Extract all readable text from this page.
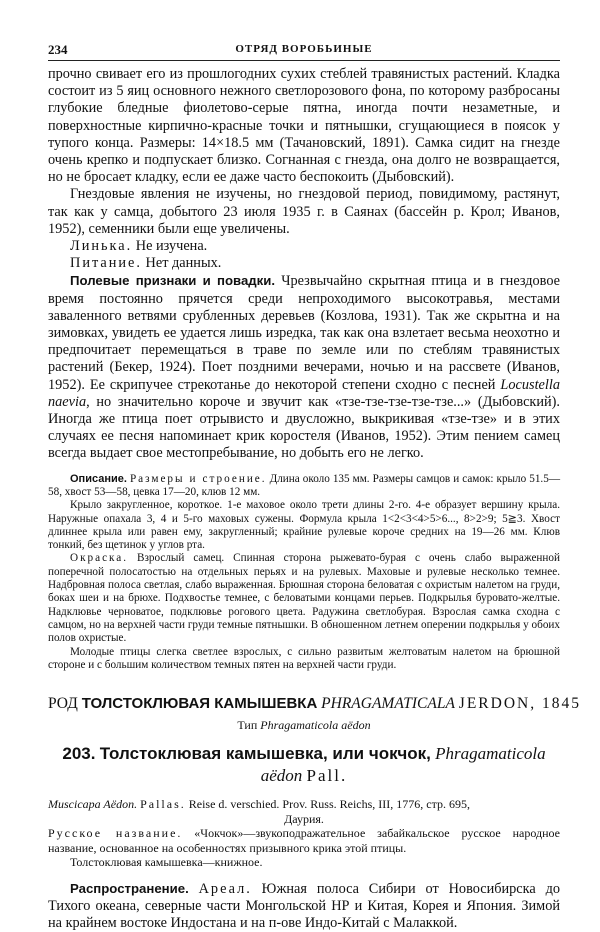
234	ОТРЯД ВОРОБЬИНЫЕ

прочно свивает его из прошлогодних сухих стеблей травянистых растений. Кладка состоит из 5 яиц основного нежного светлорозового фона, по которому разбросаны глубокие бледные фиолетово-серые пятна, иногда почти незаметные, и поверхностные кирпично-красные точки и пятнышки, сгущающиеся в поясок у тупого конца. Размеры: 14×18.5 мм (Тачановский, 1891). Самка сидит на гнезде очень крепко и подпускает близко. Согнанная с гнезда, она долго не возвращается, но не бросает кладку, если ее даже часто беспокоить (Дыбовский).

Гнездовые явления не изучены, но гнездовой период, повидимому, растянут, так как у самца, добытого 23 июля 1935 г. в Саянах (бассейн р. Крол; Иванов, 1952), семенники были еще увеличены.

Линька. Не изучена.

Питание. Нет данных.

Полевые признаки и повадки. Чрезвычайно скрытная птица и в гнездовое время постоянно прячется среди непроходимого высокотравья, местами заваленного ветвями срубленных деревьев (Козлова, 1931). Так же скрытна и на зимовках, увидеть ее удается лишь изредка, так как она взлетает весьма неохотно и предпочитает перемещаться в траве по земле или по стеблям травянистых растений (Бекер, 1924). Поет поздними вечерами, ночью и на рассвете (Иванов, 1952). Ее скрипучее стрекотанье до некоторой степени сходно с песней Locustella naevia, но значительно короче и звучит как «тзе-тзе-тзе-тзе-тзе...» (Дыбовский). Иногда же птица поет отрывисто и двусложно, выкрикивая «тзе-тзе» и в этих случаях ее песня напоминает крик коростеля (Иванов, 1952). Этим пением самец всегда выдает свое местопребывание, но добыть его не легко.

Описание. Размеры и строение. Длина около 135 мм. Размеры самцов и самок: крыло 51.5—58, хвост 53—58, цевка 17—20, клюв 12 мм.

Крыло закругленное, короткое. 1-е маховое около трети длины 2-го. 4-е образует вершину крыла. Наружные опахала 3, 4 и 5-го маховых сужены. Формула крыла 1<2<3<4>5>6..., 8>2>9; 5≧3. Хвост длиннее крыла или равен ему, закругленный; крайние рулевые короче средних на 19—26 мм. Клюв тонкий, без щетинок у углов рта.

Окраска. Взрослый самец. Спинная сторона рыжевато-бурая с очень слабо выраженной поперечной полосатостью на отдельных перьях и на рулевых. Маховые и рулевые несколько темнее. Надбровная полоса светлая, слабо выраженная. Брюшная сторона беловатая с охристым налетом на груди, боках шеи и на брюхе. Подхвостье темнее, с беловатыми концами перьев. Подкрылья буровато-желтые. Надклювье черноватое, подклювье рогового цвета. Радужина светлобурая. Взрослая самка сходна с самцом, но на верхней части груди темные пятнышки. В обношенном летнем оперении подкрылья у обоих полов охристые.

Молодые птицы слегка светлее взрослых, с сильно развитым желтоватым налетом на брюшной стороне и с большим количеством темных пятен на верхней части груди.

РОД ТОЛСТОКЛЮВАЯ КАМЫШЕВКА PHRAGAMATICALA JERDON, 1845

Тип Phragamaticola aëdon

203. Толстоклювая камышевка, или чокчок, Phragamaticola aëdon Pall.

Muscicapa Aëdon. Pallas. Reise d. verschied. Prov. Russ. Reichs, III, 1776, стр. 695,

Даурия.

Русское название. «Чокчок»—звукоподражательное забайкальское русское народное название, основанное на особенностях призывного крика этой птицы.

Толстоклювая камышевка—книжное.

Распространение. Ареал. Южная полоса Сибири от Новосибирска до Тихого океана, северные части Монгольской НР и Китая, Корея и Япония. Зимой на крайнем востоке Индостана и на п-ове Индо-Китай с Малаккой.
